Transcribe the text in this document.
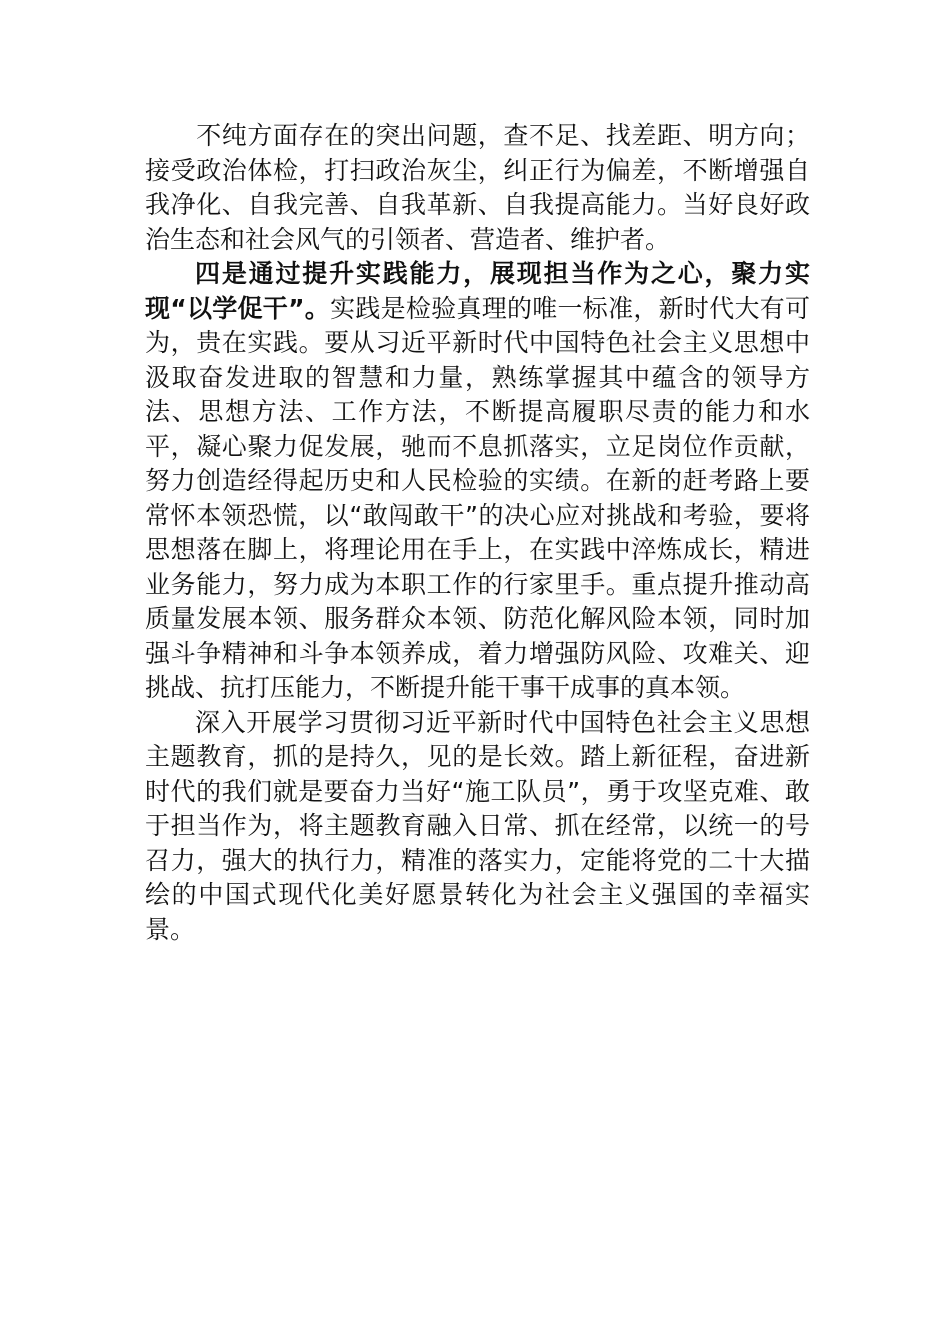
　　不纯方面存在的突出问题，查不足、找差距、明方向；接受政治体检，打扫政治灰尘，纠正行为偏差，不断增强自我净化、自我完善、自我革新、自我提高能力。当好良好政治生态和社会风气的引领者、营造者、维护者。

四是通过提升实践能力，展现担当作为之心，聚力实现“以学促干”。实践是检验真理的唯一标准，新时代大有可为，贵在实践。要从习近平新时代中国特色社会主义思想中汲取奋发进取的智慧和力量，熟练掌握其中蕴含的领导方法、思想方法、工作方法，不断提高履职尽责的能力和水平，凝心聚力促发展，驰而不息抓落实，立足岗位作贡献，努力创造经得起历史和人民检验的实绩。在新的赶考路上要常怀本领恐慌，以“敢闯敢干”的决心应对挑战和考验，要将思想落在脚上，将理论用在手上，在实践中淬炼成长，精进业务能力，努力成为本职工作的行家里手。重点提升推动高质量发展本领、服务群众本领、防范化解风险本领，同时加强斗争精神和斗争本领养成，着力增强防风险、攻难关、迎挑战、抗打压能力，不断提升能干事干成事的真本领。

深入开展学习贯彻习近平新时代中国特色社会主义思想主题教育，抓的是持久，见的是长效。踏上新征程，奋进新时代的我们就是要奋力当好“施工队员”，勇于攻坚克难、敢于担当作为，将主题教育融入日常、抓在经常，以统一的号召力，强大的执行力，精准的落实力，定能将党的二十大描绘的中国式现代化美好愿景转化为社会主义强国的幸福实景。
